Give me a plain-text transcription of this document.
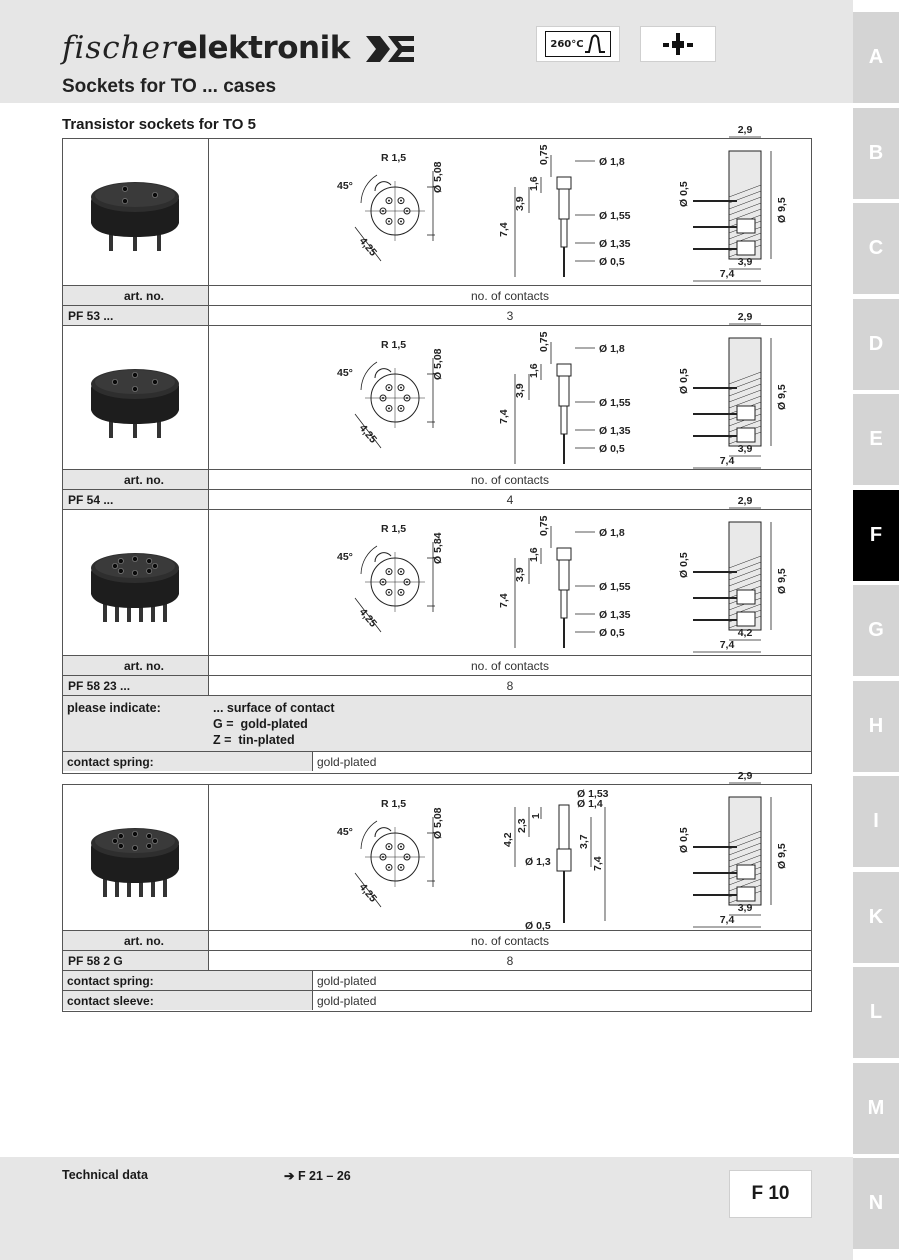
fischerelektronik	260°C
Sockets for TO ... cases
A
B
C
D
E
F
G
H
I
K
L
M
N
Transistor sockets for TO 5
R 1,5
Ø 5,08
45°
4,25
7,4
3,9
1,6
0,75	Ø 1,8
Ø 1,55
Ø 1,35
Ø 0,5
2,9
Ø 9,5
Ø 0,5
3,9
7,4
art. no.	no. of contacts
PF 53 ...	3
R 1,5
Ø 5,08
45°
4,25
7,4
3,9
1,6
0,75	Ø 1,8
Ø 1,55
Ø 1,35
Ø 0,5
2,9
Ø 9,5
Ø 0,5
3,9
7,4
art. no.	no. of contacts
PF 54 ...	4
R 1,5
Ø 5,84
45°
4,25
7,4
3,9
1,6
0,75	Ø 1,8
Ø 1,55
Ø 1,35
Ø 0,5
2,9
Ø 9,5
Ø 0,5
4,2
7,4
art. no.	no. of contacts
PF 58 23 ...	8
please indicate:	... surface of contact
G =  gold-plated
Z =  tin-plated
contact spring:	gold-plated
R 1,5
Ø 5,08
45°
4,25
4,2
2,3
1
3,7
7,4
Ø 1,53
Ø 1,4
Ø 1,3
Ø 0,5
2,9
Ø 9,5
Ø 0,5
3,9
7,4
art. no.	no. of contacts
PF 58 2 G	8
contact spring:	gold-plated
contact sleeve:	gold-plated
Technical data	➔ F 21 – 26
F 10
